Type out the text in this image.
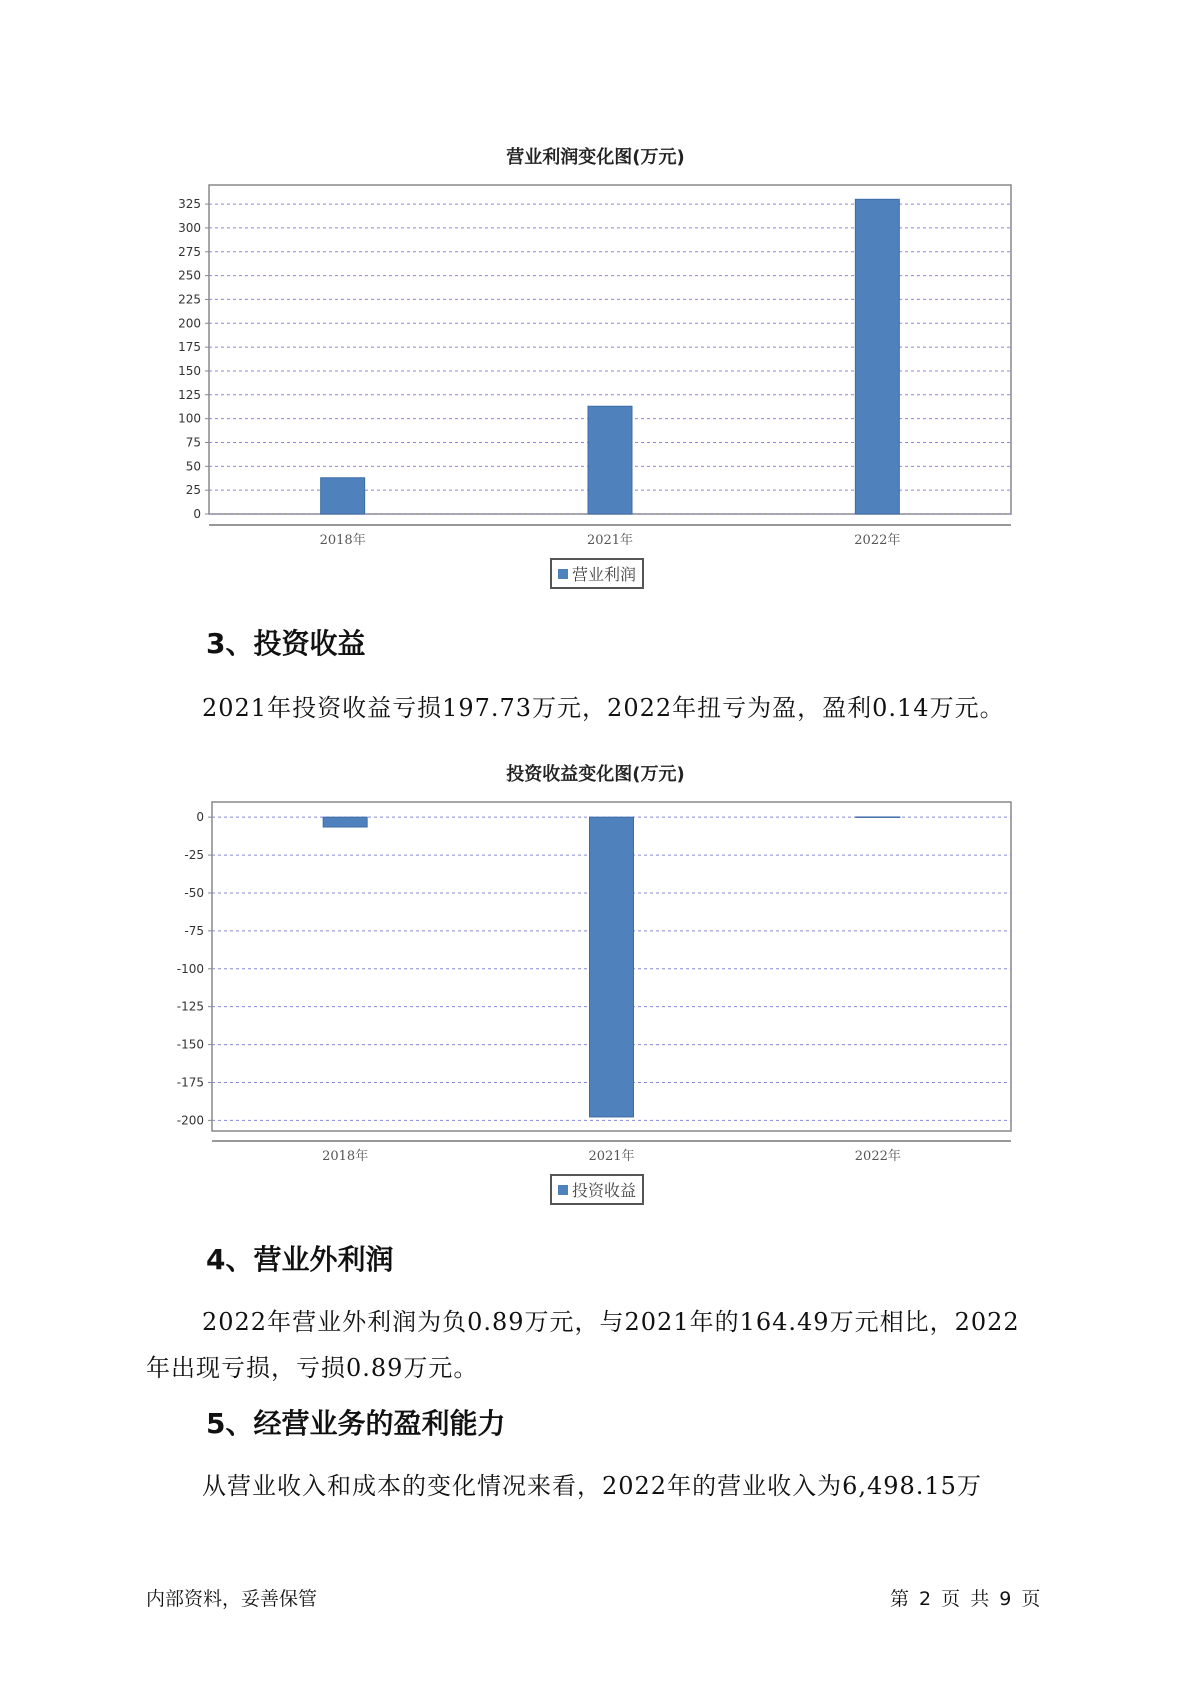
营业利润变化图(万元)
0
25
50
75
100
125
150
175
200
225
250
275
300
325
2018年	2021年	2022年
营业利润
3、投资收益
2021年投资收益亏损197.73万元，2022年扭亏为盈，盈利0.14万元。
投资收益变化图(万元)
0
-25
-50
-75
-100
-125
-150
-175
-200
2018年	2021年	2022年
投资收益
4、营业外利润
2022年营业外利润为负0.89万元，与2021年的164.49万元相比，2022
年出现亏损，亏损0.89万元。
5、经营业务的盈利能力
从营业收入和成本的变化情况来看，2022年的营业收入为6,498.15万
内部资料，妥善保管	第 2 页 共 9 页
